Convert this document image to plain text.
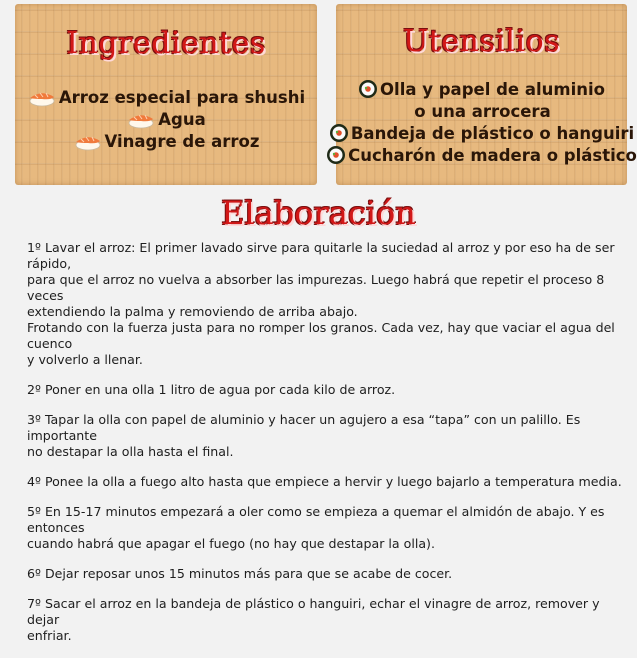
Ingredientes
Arroz especial para shushi
Agua
Vinagre de arroz
Utensilios
Olla y papel de aluminio
o una arrocera
Bandeja de plástico o hanguiri
Cucharón de madera o plástico
Elaboración
1º Lavar el arroz: El primer lavado sirve para quitarle la suciedad al arroz y por eso ha de ser rápido,
para que el arroz no vuelva a absorber las impurezas. Luego habrá que repetir el proceso 8 veces
extendiendo la palma y removiendo de arriba abajo.
Frotando con la fuerza justa para no romper los granos. Cada vez, hay que vaciar el agua del cuenco
y volverlo a llenar.
2º Poner en una olla 1 litro de agua por cada kilo de arroz.
3º Tapar la olla con papel de aluminio y hacer un agujero a esa “tapa” con un palillo. Es importante
no destapar la olla hasta el final.
4º Ponee la olla a fuego alto hasta que empiece a hervir y luego bajarlo a temperatura media.
5º En 15-17 minutos empezará a oler como se empieza a quemar el almidón de abajo. Y es entonces
cuando habrá que apagar el fuego (no hay que destapar la olla).
6º Dejar reposar unos 15 minutos más para que se acabe de cocer.
7º Sacar el arroz en la bandeja de plástico o hanguiri, echar el vinagre de arroz, remover y dejar
enfriar.
